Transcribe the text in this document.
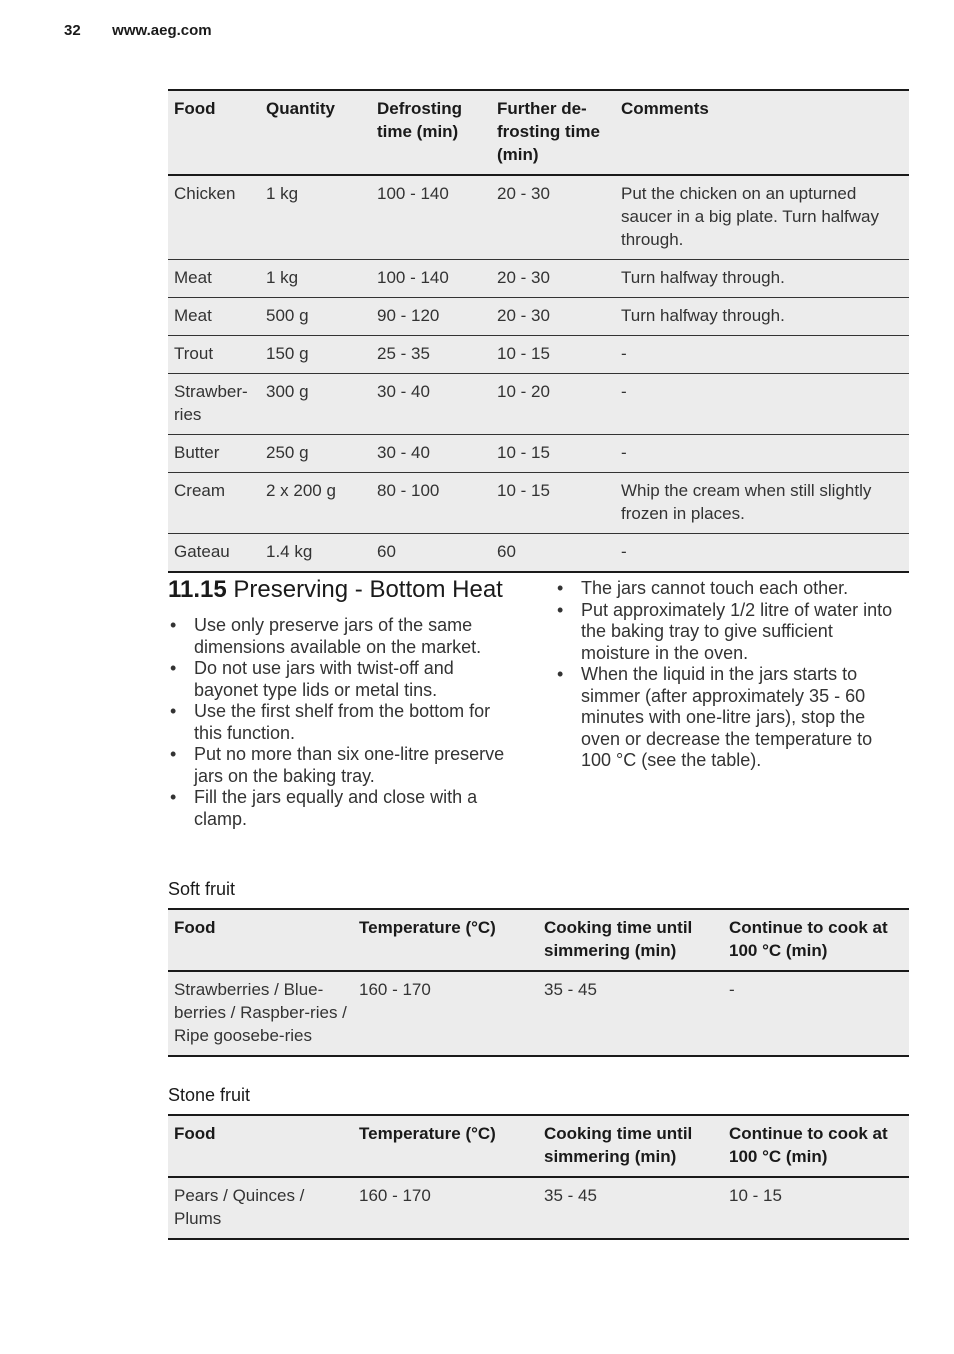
32 www.aeg.com
Food	Quantity	Defrosting time (min)	Further de-frosting time (min)	Comments
Chicken	1 kg	100 - 140	20 - 30	Put the chicken on an upturned saucer in a big plate. Turn halfway through.
Meat	1 kg	100 - 140	20 - 30	Turn halfway through.
Meat	500 g	90 - 120	20 - 30	Turn halfway through.
Trout	150 g	25 - 35	10 - 15	-
Strawber-ries	300 g	30 - 40	10 - 20	-
Butter	250 g	30 - 40	10 - 15	-
Cream	2 x 200 g	80 - 100	10 - 15	Whip the cream when still slightly frozen in places.
Gateau	1.4 kg	60	60	-
11.15 Preserving - Bottom Heat
• Use only preserve jars of the same dimensions available on the market.
• Do not use jars with twist-off and bayonet type lids or metal tins.
• Use the first shelf from the bottom for this function.
• Put no more than six one-litre preserve jars on the baking tray.
• Fill the jars equally and close with a clamp.
• The jars cannot touch each other.
• Put approximately 1/2 litre of water into the baking tray to give sufficient moisture in the oven.
• When the liquid in the jars starts to simmer (after approximately 35 - 60 minutes with one-litre jars), stop the oven or decrease the temperature to 100 °C (see the table).
Soft fruit
Food	Temperature (°C)	Cooking time until simmering (min)	Continue to cook at 100 °C (min)
Strawberries / Blue-berries / Raspber-ries / Ripe goosebe-ries	160 - 170	35 - 45	-
Stone fruit
Food	Temperature (°C)	Cooking time until simmering (min)	Continue to cook at 100 °C (min)
Pears / Quinces / Plums	160 - 170	35 - 45	10 - 15
